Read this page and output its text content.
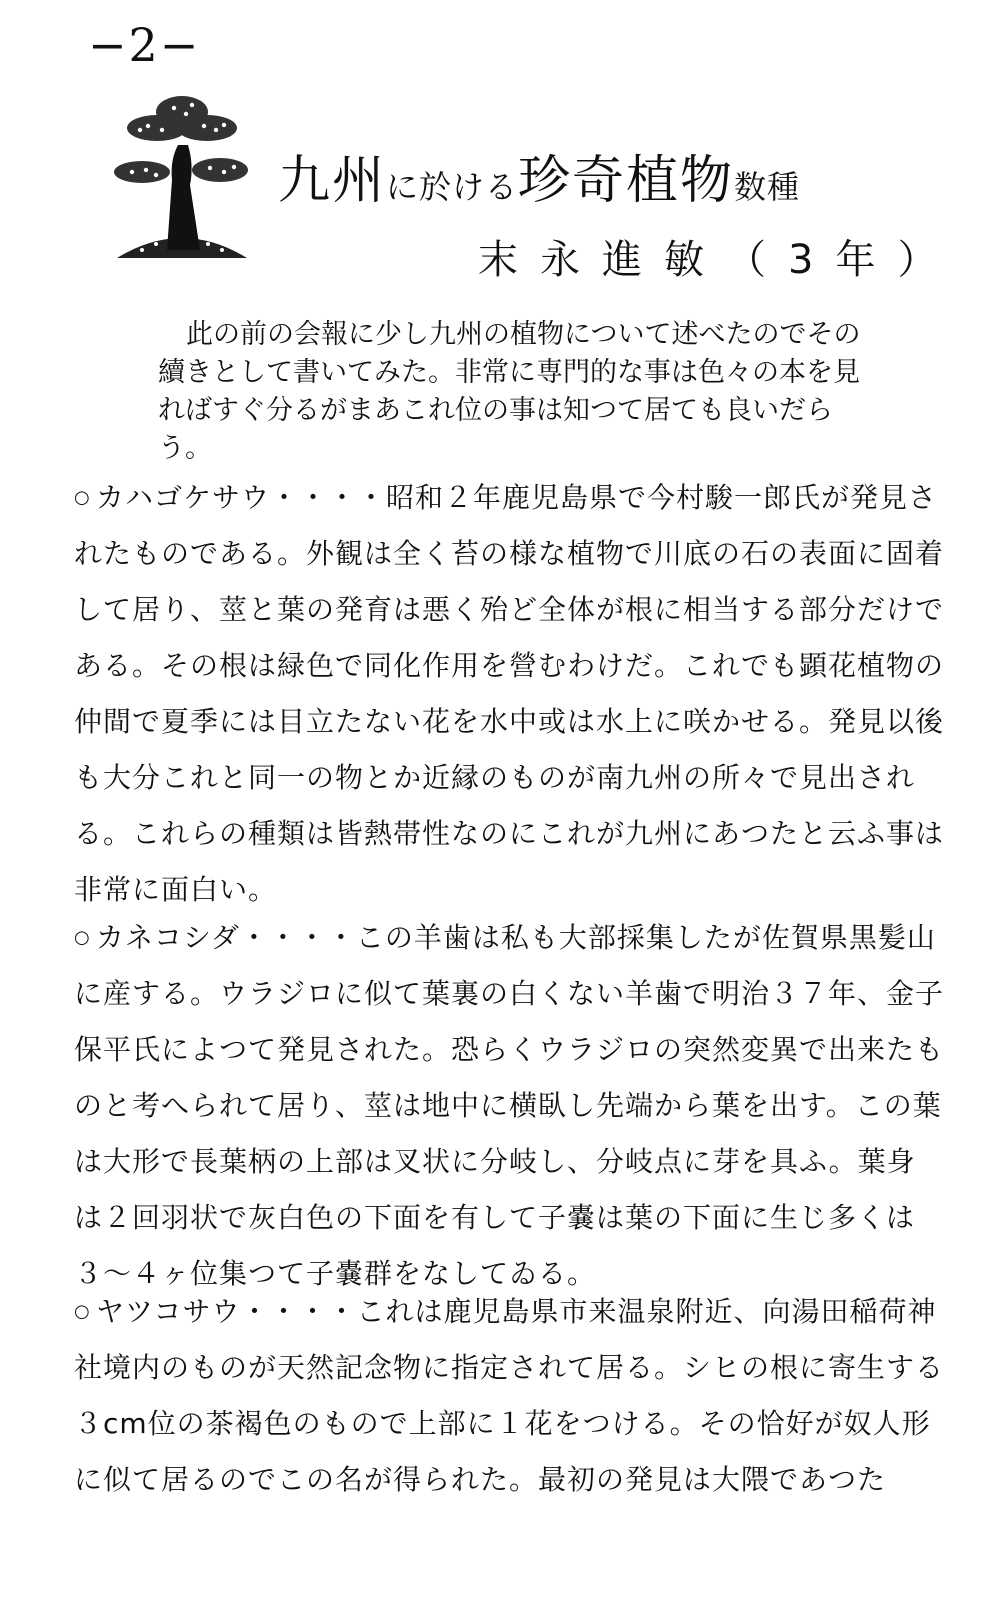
−2−
九州に於ける珍奇植物数種
末永進敏（3年）

此の前の会報に少し九州の植物について述べたのでその續きとして書いてみた。非常に専門的な事は色々の本を見ればすぐ分るがまあこれ位の事は知つて居ても良いだらう。

○ カハゴケサウ・・・・昭和２年鹿児島県で今村駿一郎氏が発見されたものである。外観は全く苔の様な植物で川底の石の表面に固着して居り、莖と葉の発育は悪く殆ど全体が根に相当する部分だけである。その根は緑色で同化作用を營むわけだ。これでも顕花植物の仲間で夏季には目立たない花を水中或は水上に咲かせる。発見以後も大分これと同一の物とか近縁のものが南九州の所々で見出される。これらの種類は皆熱帯性なのにこれが九州にあつたと云ふ事は非常に面白い。

○ カネコシダ・・・・この羊歯は私も大部採集したが佐賀県黒髪山に産する。ウラジロに似て葉裏の白くない羊歯で明治３７年、金子保平氏によつて発見された。恐らくウラジロの突然変異で出来たものと考へられて居り、莖は地中に横臥し先端から葉を出す。この葉は大形で長葉柄の上部は叉状に分岐し、分岐点に芽を具ふ。葉身は２回羽状で灰白色の下面を有して子嚢は葉の下面に生じ多くは３〜４ヶ位集つて子嚢群をなしてゐる。

○ ヤツコサウ・・・・これは鹿児島県市来温泉附近、向湯田稲荷神社境内のものが天然記念物に指定されて居る。シヒの根に寄生する３cm位の茶褐色のもので上部に１花をつける。その恰好が奴人形に似て居るのでこの名が得られた。最初の発見は大隈であつた
